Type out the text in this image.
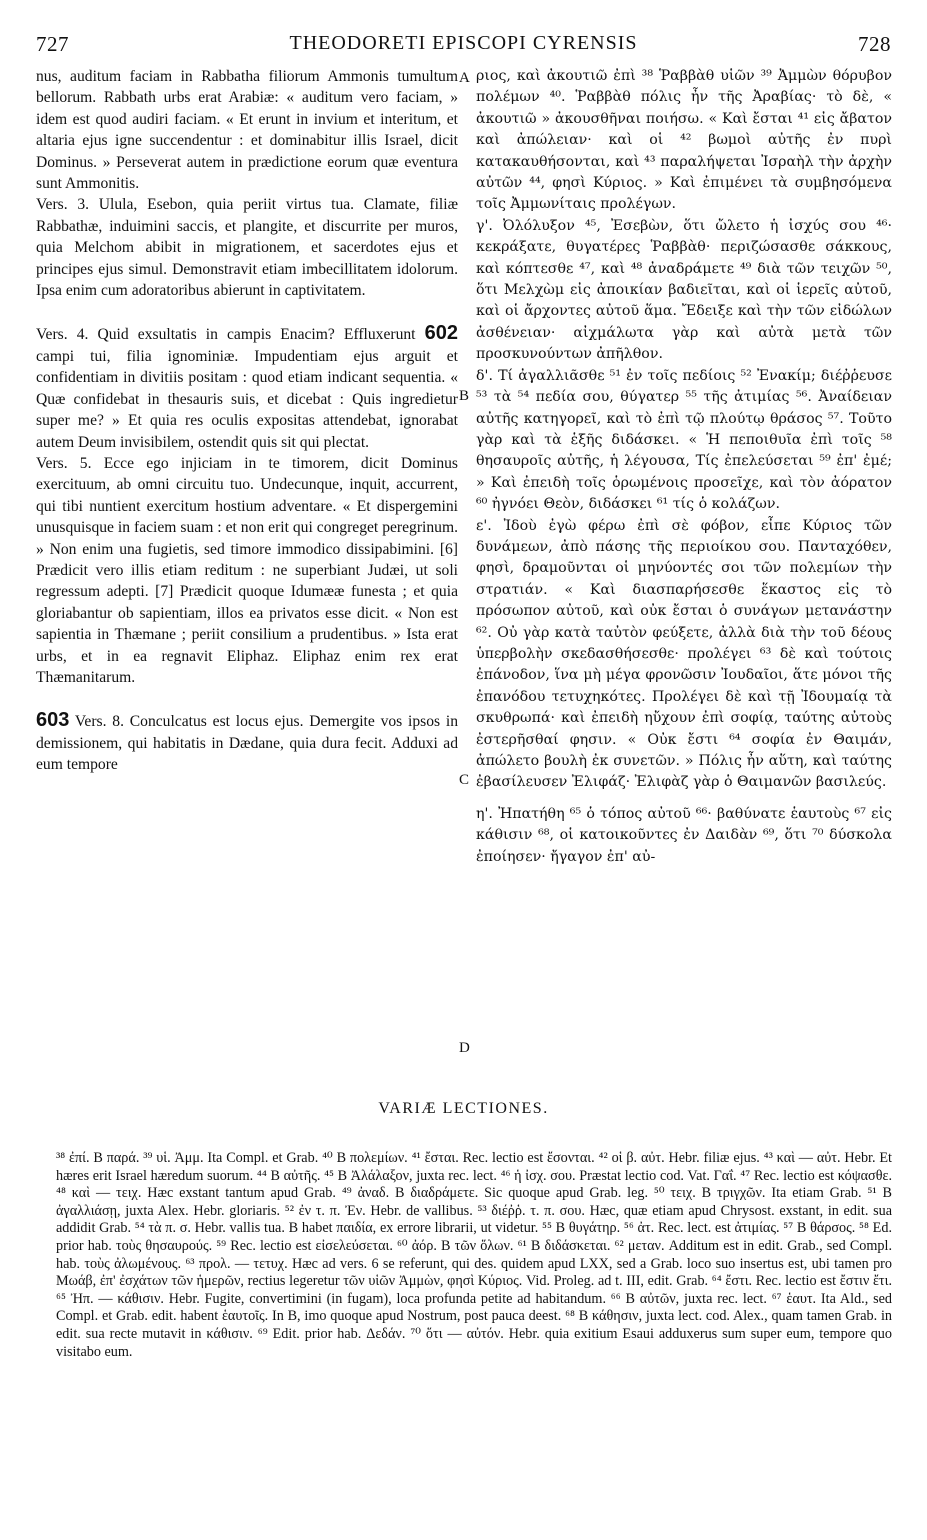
727	THEODORETI EPISCOPI CYRENSIS	728

nus, auditum faciam in Rabbatha filiorum Ammonis tumultum bellorum. Rabbath urbs erat Arabiæ: « auditum vero faciam, » idem est quod audiri faciam. « Et erunt in invium et interitum, et altaria ejus igne succendentur : et dominabitur illis Israel, dicit Dominus. » Perseverat autem in prædictione eorum quæ eventura sunt Ammonitis.

Vers. 3. Ulula, Esebon, quia periit virtus tua. Clamate, filiæ Rabbathæ, induimini saccis, et plangite, et discurrite per muros, quia Melchom abibit in migrationem, et sacerdotes ejus et principes ejus simul. Demonstravit etiam imbecillitatem idolorum. Ipsa enim cum adoratoribus abierunt in captivitatem.

Vers. 4. Quid exsultatis in campis Enacim? Effluxerunt 602 campi tui, filia ignominiæ. Impudentiam ejus arguit et confidentiam in divitiis positam : quod etiam indicant sequentia. « Quæ confidebat in thesauris suis, et dicebat : Quis ingredietur super me? » Et quia res oculis expositas attendebat, ignorabat autem Deum invisibilem, ostendit quis sit qui plectat.

Vers. 5. Ecce ego injiciam in te timorem, dicit Dominus exercituum, ab omni circuitu tuo. Undecunque, inquit, accurrent, qui tibi nuntient exercitum hostium adventare. « Et dispergemini unusquisque in faciem suam : et non erit qui congreget peregrinum. » Non enim una fugietis, sed timore immodico dissipabimini. [6] Prædicit vero illis etiam reditum : ne superbiant Judæi, ut soli regressum adepti. [7] Prædicit quoque Idumææ funesta ; et quia gloriabantur ob sapientiam, illos ea privatos esse dicit. « Non est sapientia in Thæmane ; periit consilium a prudentibus. » Ista erat urbs, et in ea regnavit Eliphaz. Eliphaz enim rex erat Thæmanitarum.

603 Vers. 8. Conculcatus est locus ejus. Demergite vos ipsos in demissionem, qui habitatis in Dædane, quia dura fecit. Adduxi ad eum tempore

A
B
C
D

ριος, καὶ ἀκουτιῶ ἐπὶ ³⁸ Ῥαββὰθ υἱῶν ³⁹ Ἀμμὼν θόρυβον πολέμων ⁴⁰. Ῥαββὰθ πόλις ἦν τῆς Ἀραβίας· τὸ δὲ, « ἀκουτιῶ » ἀκουσθῆναι ποιήσω. « Καὶ ἔσται ⁴¹ εἰς ἄβατον καὶ ἀπώλειαν· καὶ οἱ ⁴² βωμοὶ αὐτῆς ἐν πυρὶ κατακαυθήσονται, καὶ ⁴³ παραλήψεται Ἰσραὴλ τὴν ἀρχὴν αὐτῶν ⁴⁴, φησὶ Κύριος. » Καὶ ἐπιμένει τὰ συμβησόμενα τοῖς Ἀμμωνίταις προλέγων.

γ'. Ὀλόλυξον ⁴⁵, Ἐσεβὼν, ὅτι ὤλετο ἡ ἰσχύς σου ⁴⁶· κεκράξατε, θυγατέρες Ῥαββὰθ· περιζώσασθε σάκκους, καὶ κόπτεσθε ⁴⁷, καὶ ⁴⁸ ἀναδράμετε ⁴⁹ διὰ τῶν τειχῶν ⁵⁰, ὅτι Μελχὼμ εἰς ἀποικίαν βαδιεῖται, καὶ οἱ ἱερεῖς αὐτοῦ, καὶ οἱ ἄρχοντες αὐτοῦ ἅμα. Ἔδειξε καὶ τὴν τῶν εἰδώλων ἀσθένειαν· αἰχμάλωτα γὰρ καὶ αὐτὰ μετὰ τῶν προσκυνούντων ἀπῆλθον.

δ'. Τί ἀγαλλιᾶσθε ⁵¹ ἐν τοῖς πεδίοις ⁵² Ἐνακίμ; διέῤῥευσε ⁵³ τὰ ⁵⁴ πεδία σου, θύγατερ ⁵⁵ τῆς ἀτιμίας ⁵⁶. Ἀναίδειαν αὐτῆς κατηγορεῖ, καὶ τὸ ἐπὶ τῷ πλούτῳ θράσος ⁵⁷. Τοῦτο γὰρ καὶ τὰ ἑξῆς διδάσκει. « Ἡ πεποιθυῖα ἐπὶ τοῖς ⁵⁸ θησαυροῖς αὐτῆς, ἡ λέγουσα, Τίς ἐπελεύσεται ⁵⁹ ἐπ' ἐμέ; » Καὶ ἐπειδὴ τοῖς ὁρωμένοις προσεῖχε, καὶ τὸν ἀόρατον ⁶⁰ ἠγνόει Θεὸν, διδάσκει ⁶¹ τίς ὁ κολάζων.

ε'. Ἰδοὺ ἐγὼ φέρω ἐπὶ σὲ φόβον, εἶπε Κύριος τῶν δυνάμεων, ἀπὸ πάσης τῆς περιοίκου σου. Πανταχόθεν, φησὶ, δραμοῦνται οἱ μηνύοντές σοι τῶν πολεμίων τὴν στρατιάν. « Καὶ διασπαρήσεσθε ἕκαστος εἰς τὸ πρόσωπον αὐτοῦ, καὶ οὐκ ἔσται ὁ συνάγων μετανάστην ⁶². Οὐ γὰρ κατὰ ταὐτὸν φεύξετε, ἀλλὰ διὰ τὴν τοῦ δέους ὑπερβολὴν σκεδασθήσεσθε· προλέγει ⁶³ δὲ καὶ τούτοις ἐπάνοδον, ἵνα μὴ μέγα φρονῶσιν Ἰουδαῖοι, ἅτε μόνοι τῆς ἐπανόδου τετυχηκότες. Προλέγει δὲ καὶ τῇ Ἰδουμαίᾳ τὰ σκυθρωπά· καὶ ἐπειδὴ ηὔχουν ἐπὶ σοφίᾳ, ταύτης αὐτοὺς ἐστερῆσθαί φησιν. « Οὐκ ἔστι ⁶⁴ σοφία ἐν Θαιμάν, ἀπώλετο βουλὴ ἐκ συνετῶν. » Πόλις ἦν αὕτη, καὶ ταύτης ἐβασίλευσεν Ἐλιφάζ· Ἐλιφὰζ γὰρ ὁ Θαιμανῶν βασιλεύς.

η'. Ἠπατήθη ⁶⁵ ὁ τόπος αὐτοῦ ⁶⁶· βαθύνατε ἑαυτοὺς ⁶⁷ εἰς κάθισιν ⁶⁸, οἱ κατοικοῦντες ἐν Δαιδὰν ⁶⁹, ὅτι ⁷⁰ δύσκολα ἐποίησεν· ἤγαγον ἐπ' αὐ-

VARIÆ LECTIONES.

³⁸ ἐπί. B παρά. ³⁹ υἱ. Ἀμμ. Ita Compl. et Grab. ⁴⁰ B πολεμίων. ⁴¹ ἔσται. Rec. lectio est ἔσονται. ⁴² οἱ β. αὐτ. Hebr. filiæ ejus. ⁴³ καὶ — αὐτ. Hebr. Et hæres erit Israel hæredum suorum. ⁴⁴ B αὐτῆς. ⁴⁵ B Ἀλάλαξον, juxta rec. lect. ⁴⁶ ἡ ἰσχ. σου. Præstat lectio cod. Vat. Γαΐ. ⁴⁷ Rec. lectio est κόψασθε. ⁴⁸ καὶ — τειχ. Hæc exstant tantum apud Grab. ⁴⁹ ἀναδ. B διαδράμετε. Sic quoque apud Grab. leg. ⁵⁰ τειχ. B τριγχῶν. Ita etiam Grab. ⁵¹ B ἀγαλλιάσῃ, juxta Alex. Hebr. gloriaris. ⁵² ἐν τ. π. Ἐν. Hebr. de vallibus. ⁵³ διέῤῥ. τ. π. σου. Hæc, quæ etiam apud Chrysost. exstant, in edit. sua addidit Grab. ⁵⁴ τὰ π. σ. Hebr. vallis tua. B habet παιδία, ex errore librarii, ut videtur. ⁵⁵ B θυγάτηρ. ⁵⁶ ἀτ. Rec. lect. est ἀτιμίας. ⁵⁷ B θάρσος. ⁵⁸ Ed. prior hab. τοὺς θησαυρούς. ⁵⁹ Rec. lectio est εἰσελεύσεται. ⁶⁰ ἀόρ. B τῶν ὅλων. ⁶¹ B διδάσκεται. ⁶² μεταν. Additum est in edit. Grab., sed Compl. hab. τοὺς ἀλωμένους. ⁶³ προλ. — τετυχ. Hæc ad vers. 6 se referunt, qui des. quidem apud LXX, sed a Grab. loco suo insertus est, ubi tamen pro Μωάβ, ἐπ' ἐσχάτων τῶν ἡμερῶν, rectius legeretur τῶν υἱῶν Ἀμμὼν, φησὶ Κύριος. Vid. Proleg. ad t. III, edit. Grab. ⁶⁴ ἔστι. Rec. lectio est ἔστιν ἔτι. ⁶⁵ Ἠπ. — κάθισιν. Hebr. Fugite, convertimini (in fugam), loca profunda petite ad habitandum. ⁶⁶ B αὐτῶν, juxta rec. lect. ⁶⁷ ἑαυτ. Ita Ald., sed Compl. et Grab. edit. habent ἑαυτοῖς. In B, imo quoque apud Nostrum, post pauca deest. ⁶⁸ B κάθησιν, juxta lect. cod. Alex., quam tamen Grab. in edit. sua recte mutavit in κάθισιν. ⁶⁹ Edit. prior hab. Δεδάν. ⁷⁰ ὅτι — αὐτόν. Hebr. quia exitium Esaui adduxerus sum super eum, tempore quo visitabo eum.
